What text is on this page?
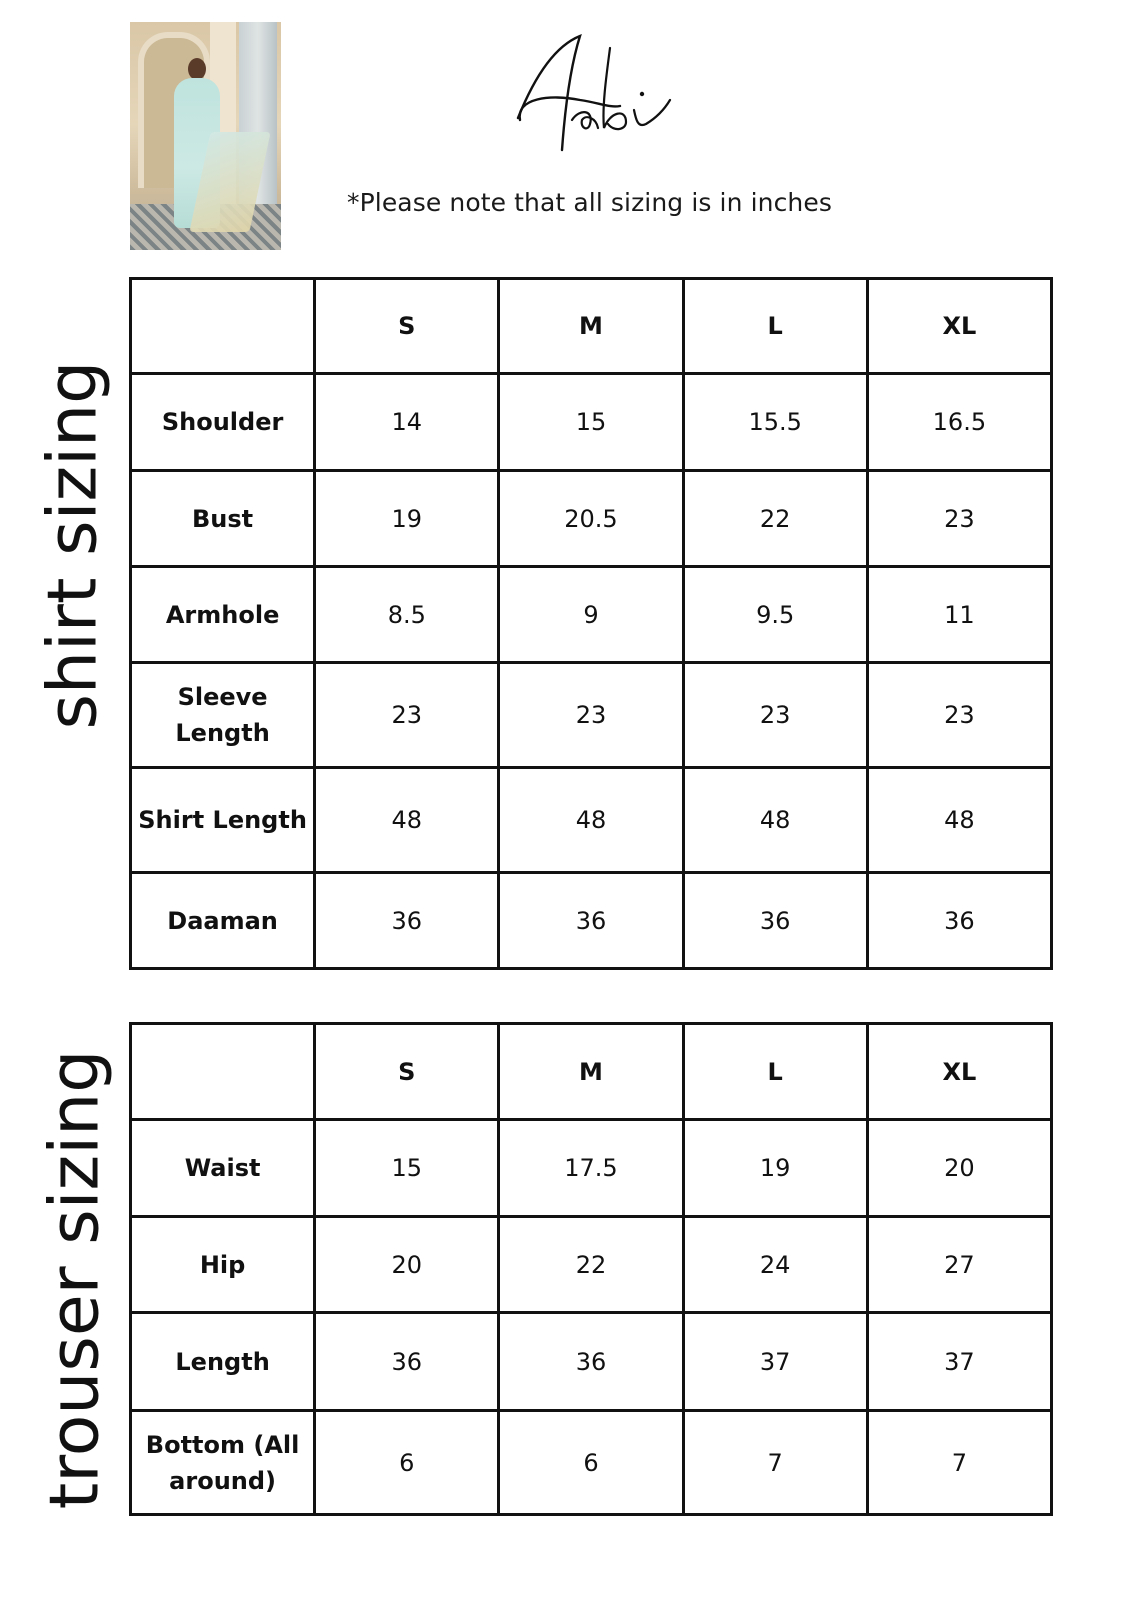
*Please note that all sizing is in inches
shirt sizing
trouser sizing
	S	M	L	XL
Shoulder	14	15	15.5	16.5
Bust	19	20.5	22	23
Armhole	8.5	9	9.5	11
Sleeve Length	23	23	23	23
Shirt Length	48	48	48	48
Daaman	36	36	36	36
	S	M	L	XL
Waist	15	17.5	19	20
Hip	20	22	24	27
Length	36	36	37	37
Bottom (All around)	6	6	7	7
